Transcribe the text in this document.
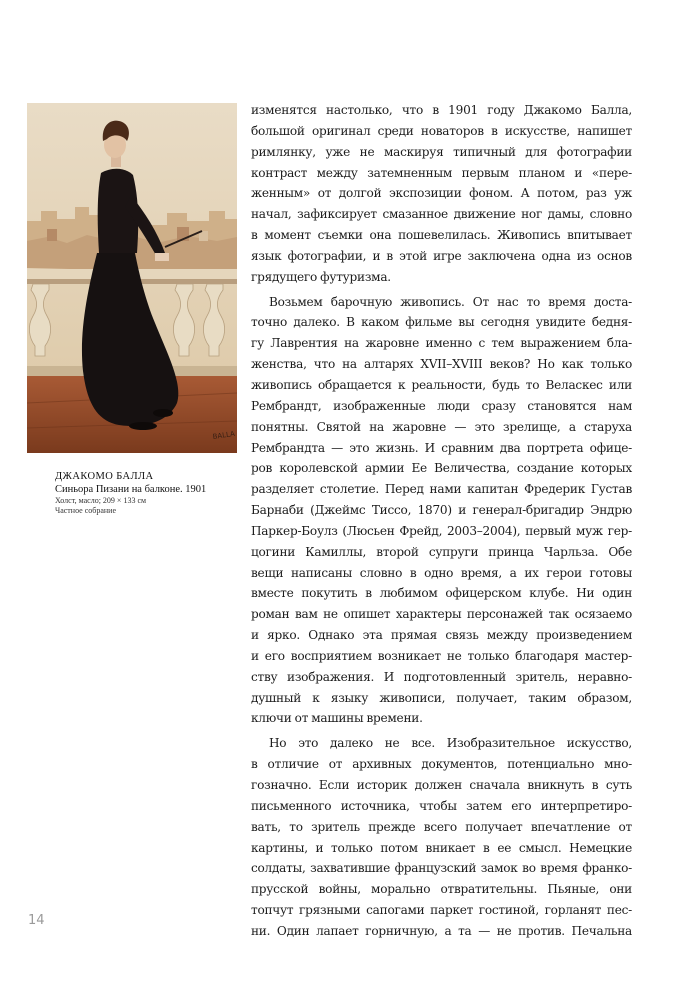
BALLA
ДЖАКОМО БАЛЛА
Синьора Пизани на балконе. 1901
Холст, масло; 209 × 133 см
Частное собрание

изменятся настолько, что в 1901 году Джакомо Балла,

большой оригинал среди новаторов в искусстве, напишет

римлянку, уже не маскируя типичный для фотографии

контраст между затемненным первым планом и «пере-

женным» от долгой экспозиции фоном. А потом, раз уж

начал, зафиксирует смазанное движение ног дамы, словно

в момент съемки она пошевелилась. Живопись впитывает

язык фотографии, и в этой игре заключена одна из основ

грядущего футуризма.

Возьмем барочную живопись. От нас то время доста-

точно далеко. В каком фильме вы сегодня увидите бедня-

гу Лаврентия на жаровне именно с тем выражением бла-

женства, что на алтарях XVII–XVIII веков? Но как только

живопись обращается к реальности, будь то Веласкес или

Рембрандт, изображенные люди сразу становятся нам

понятны. Святой на жаровне — это зрелище, а старуха

Рембрандта — это жизнь. И сравним два портрета офице-

ров королевской армии Ее Величества, создание которых

разделяет столетие. Перед нами капитан Фредерик Густав

Барнаби (Джеймс Тиссо, 1870) и генерал-бригадир Эндрю

Паркер-Боулз (Люсьен Фрейд, 2003–2004), первый муж гер-

цогини Камиллы, второй супруги принца Чарльза. Обе

вещи написаны словно в одно время, а их герои готовы

вместе покутить в любимом офицерском клубе. Ни один

роман вам не опишет характеры персонажей так осязаемо

и ярко. Однако эта прямая связь между произведением

и его восприятием возникает не только благодаря мастер-

ству изображения. И подготовленный зритель, неравно-

душный к языку живописи, получает, таким образом,

ключи от машины времени.

Но это далеко не все. Изобразительное искусство,

в отличие от архивных документов, потенциально мно-

гозначно. Если историк должен сначала вникнуть в суть

письменного источника, чтобы затем его интерпретиро-

вать, то зритель прежде всего получает впечатление от

картины, и только потом вникает в ее смысл. Немецкие

солдаты, захватившие французский замок во время франко-

прусской войны, морально отвратительны. Пьяные, они

топчут грязными сапогами паркет гостиной, горланят пес-

ни. Один лапает горничную, а та — не против. Печальна

14
